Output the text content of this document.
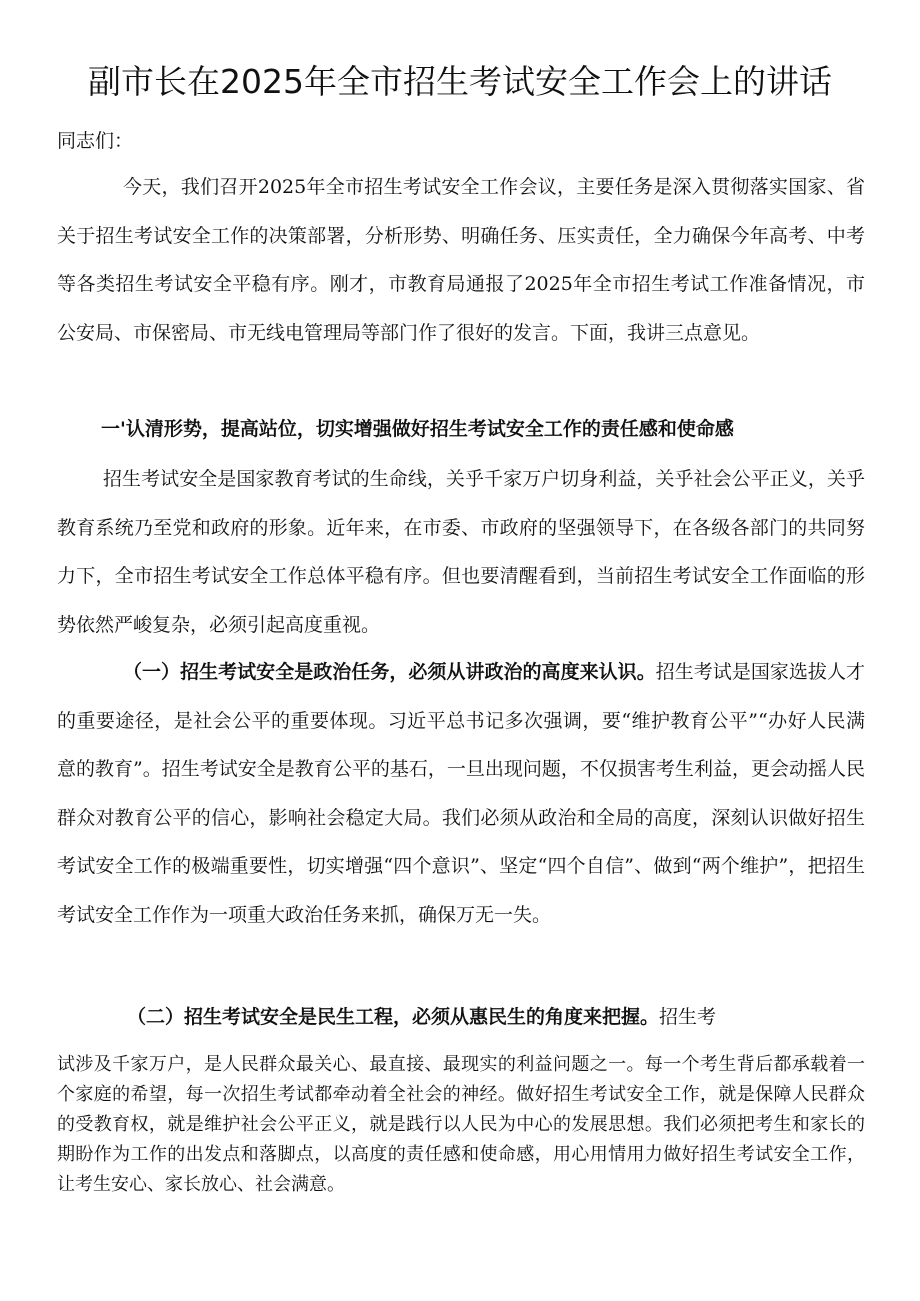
副市长在2025年全市招生考试安全工作会上的讲话

同志们：

今天，我们召开2025年全市招生考试安全工作会议，主要任务是深入贯彻落实国家、省关于招生考试安全工作的决策部署，分析形势、明确任务、压实责任，全力确保今年高考、中考等各类招生考试安全平稳有序。刚才，市教育局通报了2025年全市招生考试工作准备情况，市公安局、市保密局、市无线电管理局等部门作了很好的发言。下面，我讲三点意见。

一'认清形势，提高站位，切实增强做好招生考试安全工作的责任感和使命感

招生考试安全是国家教育考试的生命线，关乎千家万户切身利益，关乎社会公平正义，关乎教育系统乃至党和政府的形象。近年来，在市委、市政府的坚强领导下，在各级各部门的共同努力下，全市招生考试安全工作总体平稳有序。但也要清醒看到，当前招生考试安全工作面临的形势依然严峻复杂，必须引起高度重视。

（一）招生考试安全是政治任务，必须从讲政治的高度来认识。招生考试是国家选拔人才的重要途径，是社会公平的重要体现。习近平总书记多次强调，要“维护教育公平”“办好人民满意的教育”。招生考试安全是教育公平的基石，一旦出现问题，不仅损害考生利益，更会动摇人民群众对教育公平的信心，影响社会稳定大局。我们必须从政治和全局的高度，深刻认识做好招生考试安全工作的极端重要性，切实增强“四个意识”、坚定“四个自信”、做到“两个维护”，把招生考试安全工作作为一项重大政治任务来抓，确保万无一失。

（二）招生考试安全是民生工程，必须从惠民生的角度来把握。招生考

试涉及千家万户，是人民群众最关心、最直接、最现实的利益问题之一。每一个考生背后都承载着一个家庭的希望，每一次招生考试都牵动着全社会的神经。做好招生考试安全工作，就是保障人民群众的受教育权，就是维护社会公平正义，就是践行以人民为中心的发展思想。我们必须把考生和家长的期盼作为工作的出发点和落脚点，以高度的责任感和使命感，用心用情用力做好招生考试安全工作，让考生安心、家长放心、社会满意。
